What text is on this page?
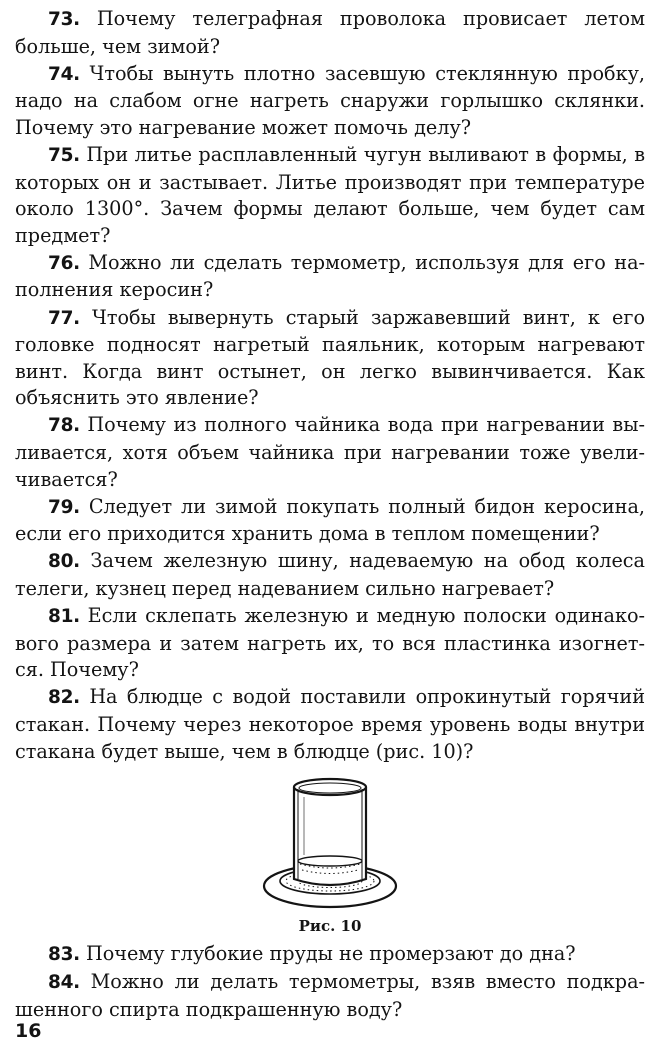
73. Почему телеграфная проволока провисает летом больше, чем зимой?

74. Чтобы вынуть плотно засевшую стеклянную пробку, надо на слабом огне нагреть снаружи горлышко склянки. Почему это нагревание может помочь делу?

75. При литье расплавленный чугун выливают в формы, в которых он и застывает. Литье производят при температуре около 1300°. Зачем формы делают больше, чем будет сам предмет?

76. Можно ли сделать термометр, используя для его наполнения керосин?

77. Чтобы вывернуть старый заржавевший винт, к его головке подносят нагретый паяльник, которым нагревают винт. Когда винт остынет, он легко вывинчивается. Как объяснить это явление?

78. Почему из полного чайника вода при нагревании выливается, хотя объем чайника при нагревании тоже увеличивается?

79. Следует ли зимой покупать полный бидон керосина, если его приходится хранить дома в теплом помещении?

80. Зачем железную шину, надеваемую на обод колеса телеги, кузнец перед надеванием сильно нагревает?

81. Если склепать железную и медную полоски одинакового размера и затем нагреть их, то вся пластинка изогнется. Почему?

82. На блюдце с водой поставили опрокинутый горячий стакан. Почему через некоторое время уровень воды внутри стакана будет выше, чем в блюдце (рис. 10)?

Рис. 10

83. Почему глубокие пруды не промерзают до дна?

84. Можно ли делать термометры, взяв вместо подкрашенного спирта подкрашенную воду?

16
